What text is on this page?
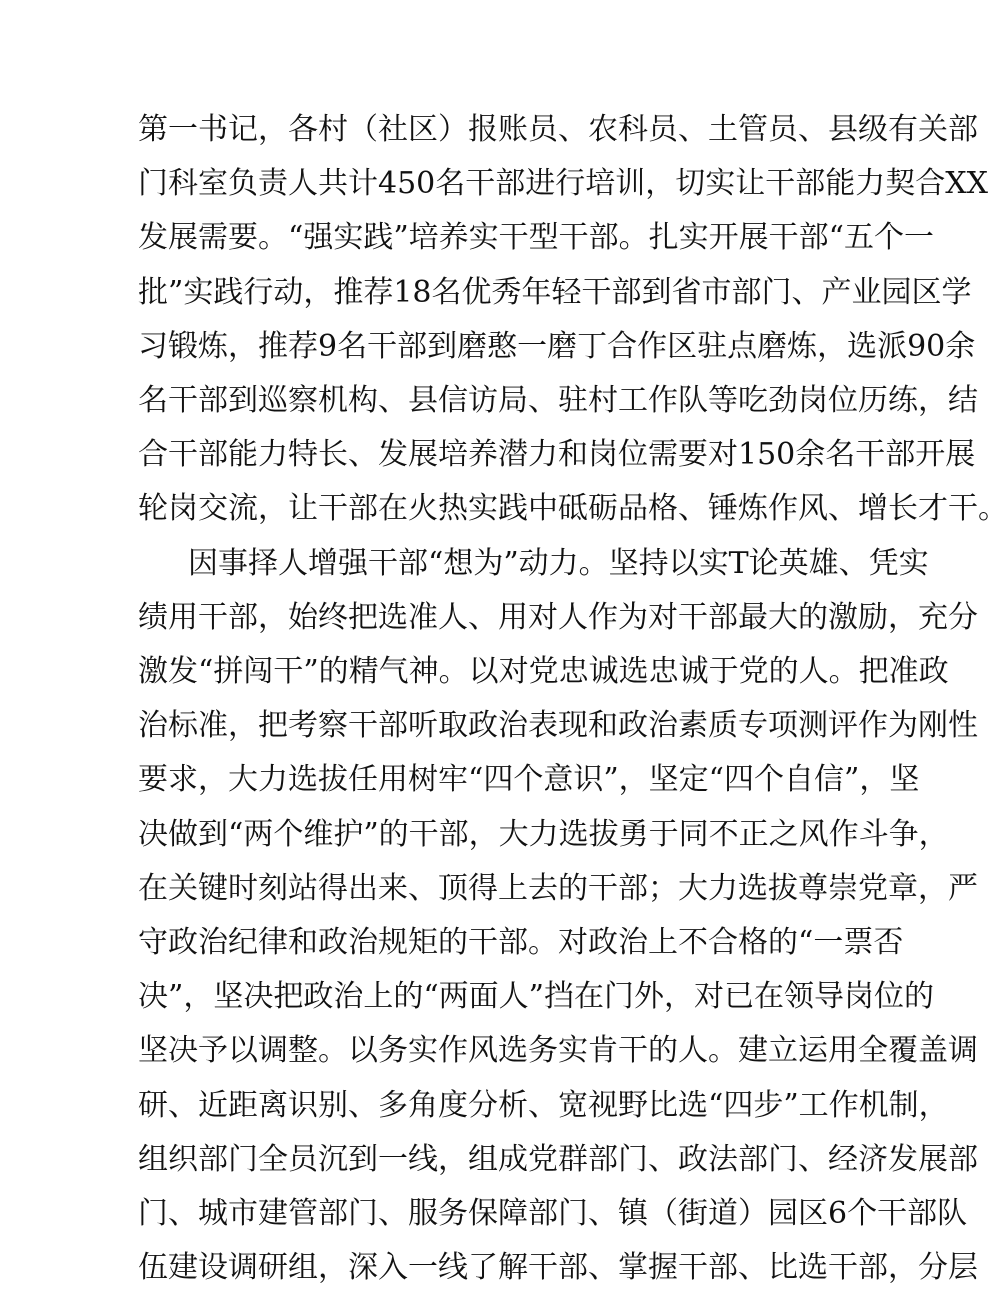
第一书记，各村（社区）报账员、农科员、土管员、县级有关部

门科室负责人共计450名干部进行培训，切实让干部能力契合XX

发展需要。“强实践”培养实干型干部。扎实开展干部“五个一

批”实践行动，推荐18名优秀年轻干部到省市部门、产业园区学

习锻炼，推荐9名干部到磨憨一磨丁合作区驻点磨炼，选派90余

名干部到巡察机构、县信访局、驻村工作队等吃劲岗位历练，结

合干部能力特长、发展培养潜力和岗位需要对150余名干部开展

轮岗交流，让干部在火热实践中砥砺品格、锤炼作风、增长才干。

因事择人增强干部“想为”动力。坚持以实T论英雄、凭实

绩用干部，始终把选准人、用对人作为对干部最大的激励，充分

激发“拼闯干”的精气神。以对党忠诚选忠诚于党的人。把准政

治标准，把考察干部听取政治表现和政治素质专项测评作为刚性

要求，大力选拔任用树牢“四个意识”，坚定“四个自信”，坚

决做到“两个维护”的干部，大力选拔勇于同不正之风作斗争，

在关键时刻站得出来、顶得上去的干部；大力选拔尊崇党章，严

守政治纪律和政治规矩的干部。对政治上不合格的“一票否

决”，坚决把政治上的“两面人”挡在门外，对已在领导岗位的

坚决予以调整。以务实作风选务实肯干的人。建立运用全覆盖调

研、近距离识别、多角度分析、宽视野比选“四步”工作机制，

组织部门全员沉到一线，组成党群部门、政法部门、经济发展部

门、城市建管部门、服务保障部门、镇（街道）园区6个干部队

伍建设调研组，深入一线了解干部、掌握干部、比选干部，分层
